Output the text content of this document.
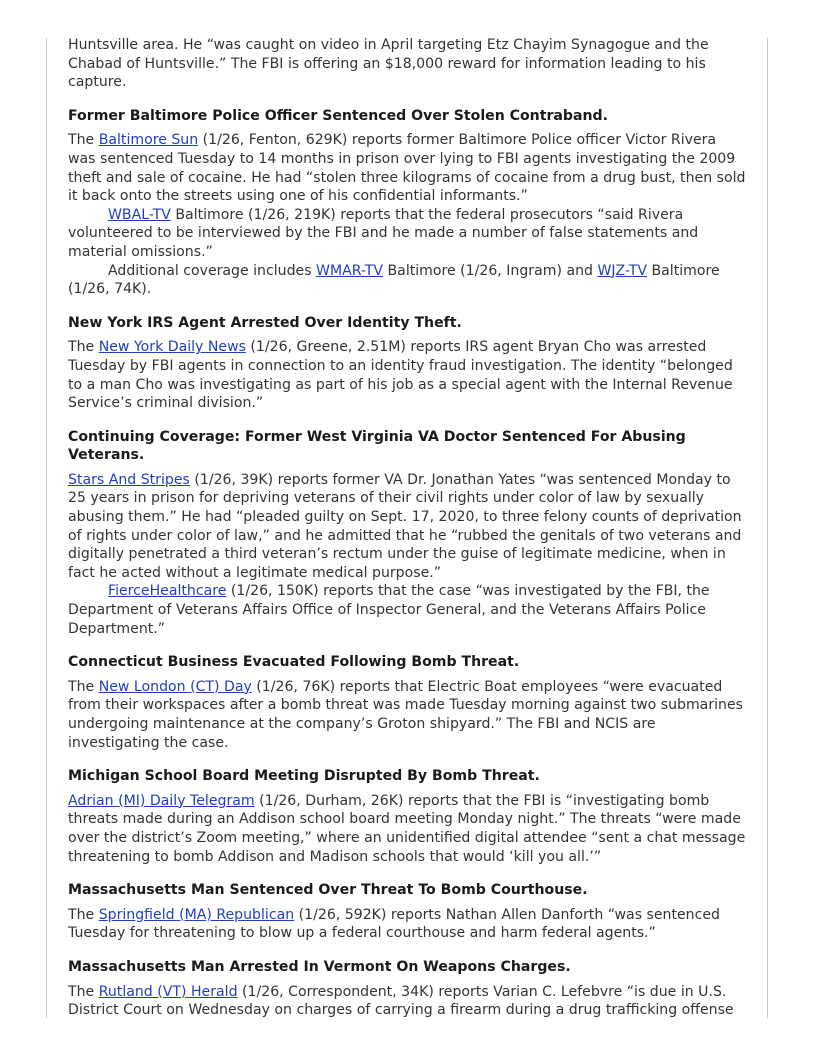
Huntsville area. He “was caught on video in April targeting Etz Chayim Synagogue and the Chabad of Huntsville.” The FBI is offering an $18,000 reward for information leading to his capture.

Former Baltimore Police Officer Sentenced Over Stolen Contraband.

The Baltimore Sun (1/26, Fenton, 629K) reports former Baltimore Police officer Victor Rivera was sentenced Tuesday to 14 months in prison over lying to FBI agents investigating the 2009 theft and sale of cocaine. He had “stolen three kilograms of cocaine from a drug bust, then sold it back onto the streets using one of his confidential informants.”

WBAL-TV Baltimore (1/26, 219K) reports that the federal prosecutors “said Rivera volunteered to be interviewed by the FBI and he made a number of false statements and material omissions.”

Additional coverage includes WMAR-TV Baltimore (1/26, Ingram) and WJZ-TV Baltimore (1/26, 74K).

New York IRS Agent Arrested Over Identity Theft.

The New York Daily News (1/26, Greene, 2.51M) reports IRS agent Bryan Cho was arrested Tuesday by FBI agents in connection to an identity fraud investigation. The identity “belonged to a man Cho was investigating as part of his job as a special agent with the Internal Revenue Service’s criminal division.”

Continuing Coverage: Former West Virginia VA Doctor Sentenced For Abusing Veterans.

Stars And Stripes (1/26, 39K) reports former VA Dr. Jonathan Yates “was sentenced Monday to 25 years in prison for depriving veterans of their civil rights under color of law by sexually abusing them.” He had “pleaded guilty on Sept. 17, 2020, to three felony counts of deprivation of rights under color of law,” and he admitted that he “rubbed the genitals of two veterans and digitally penetrated a third veteran’s rectum under the guise of legitimate medicine, when in fact he acted without a legitimate medical purpose.”

FierceHealthcare (1/26, 150K) reports that the case “was investigated by the FBI, the Department of Veterans Affairs Office of Inspector General, and the Veterans Affairs Police Department.”

Connecticut Business Evacuated Following Bomb Threat.

The New London (CT) Day (1/26, 76K) reports that Electric Boat employees “were evacuated from their workspaces after a bomb threat was made Tuesday morning against two submarines undergoing maintenance at the company’s Groton shipyard.” The FBI and NCIS are investigating the case.

Michigan School Board Meeting Disrupted By Bomb Threat.

Adrian (MI) Daily Telegram (1/26, Durham, 26K) reports that the FBI is “investigating bomb threats made during an Addison school board meeting Monday night.” The threats “were made over the district’s Zoom meeting,” where an unidentified digital attendee “sent a chat message threatening to bomb Addison and Madison schools that would ‘kill you all.’”

Massachusetts Man Sentenced Over Threat To Bomb Courthouse.

The Springfield (MA) Republican (1/26, 592K) reports Nathan Allen Danforth “was sentenced Tuesday for threatening to blow up a federal courthouse and harm federal agents.”

Massachusetts Man Arrested In Vermont On Weapons Charges.

The Rutland (VT) Herald (1/26, Correspondent, 34K) reports Varian C. Lefebvre “is due in U.S. District Court on Wednesday on charges of carrying a firearm during a drug trafficking offense
